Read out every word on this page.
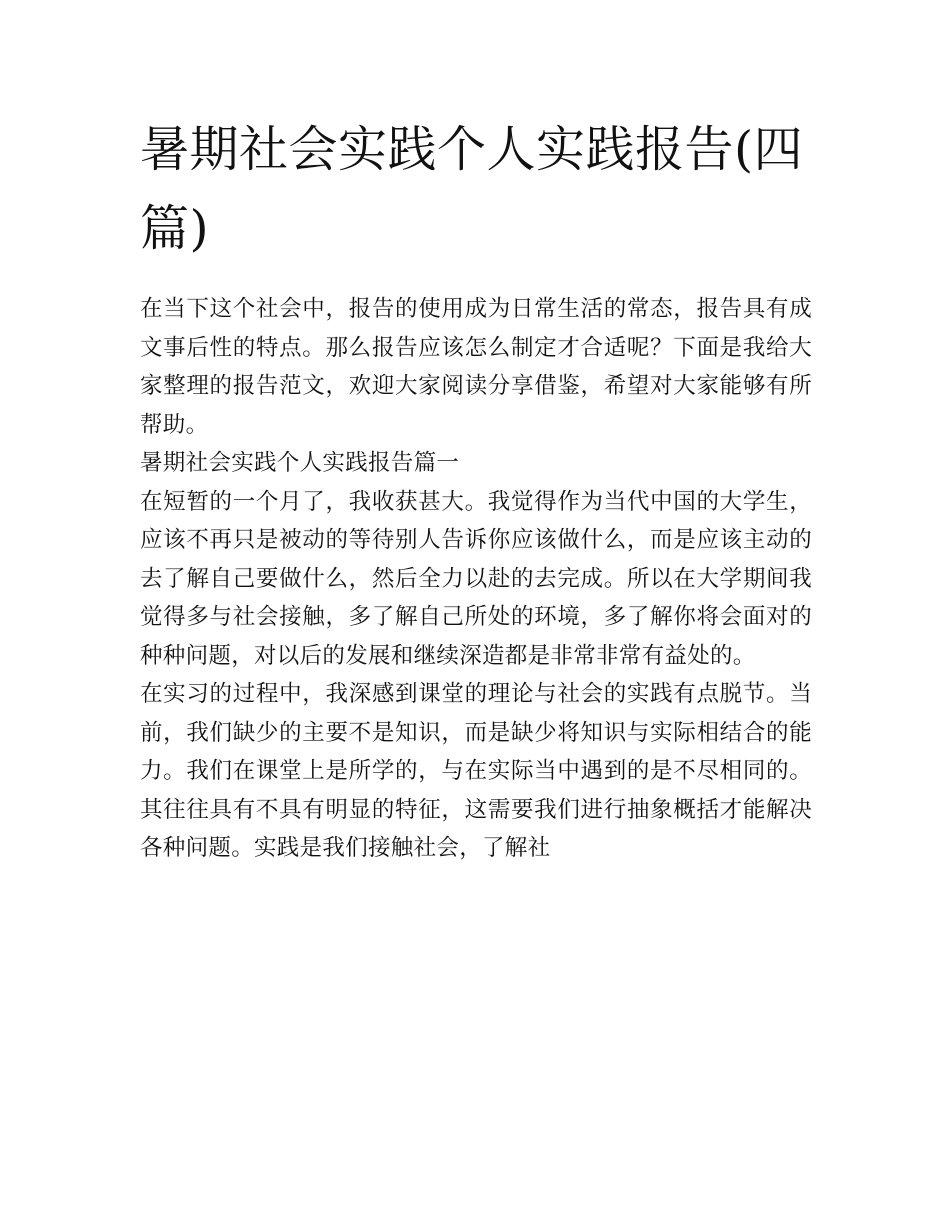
暑期社会实践个人实践报告(四篇)

在当下这个社会中，报告的使用成为日常生活的常态，报告具有成文事后性的特点。那么报告应该怎么制定才合适呢？下面是我给大家整理的报告范文，欢迎大家阅读分享借鉴，希望对大家能够有所帮助。

暑期社会实践个人实践报告篇一

在短暂的一个月了，我收获甚大。我觉得作为当代中国的大学生，应该不再只是被动的等待别人告诉你应该做什么，而是应该主动的去了解自己要做什么，然后全力以赴的去完成。所以在大学期间我觉得多与社会接触，多了解自己所处的环境，多了解你将会面对的种种问题，对以后的发展和继续深造都是非常非常有益处的。

在实习的过程中，我深感到课堂的理论与社会的实践有点脱节。当前，我们缺少的主要不是知识，而是缺少将知识与实际相结合的能力。我们在课堂上是所学的，与在实际当中遇到的是不尽相同的。其往往具有不具有明显的特征，这需要我们进行抽象概括才能解决各种问题。实践是我们接触社会，了解社
